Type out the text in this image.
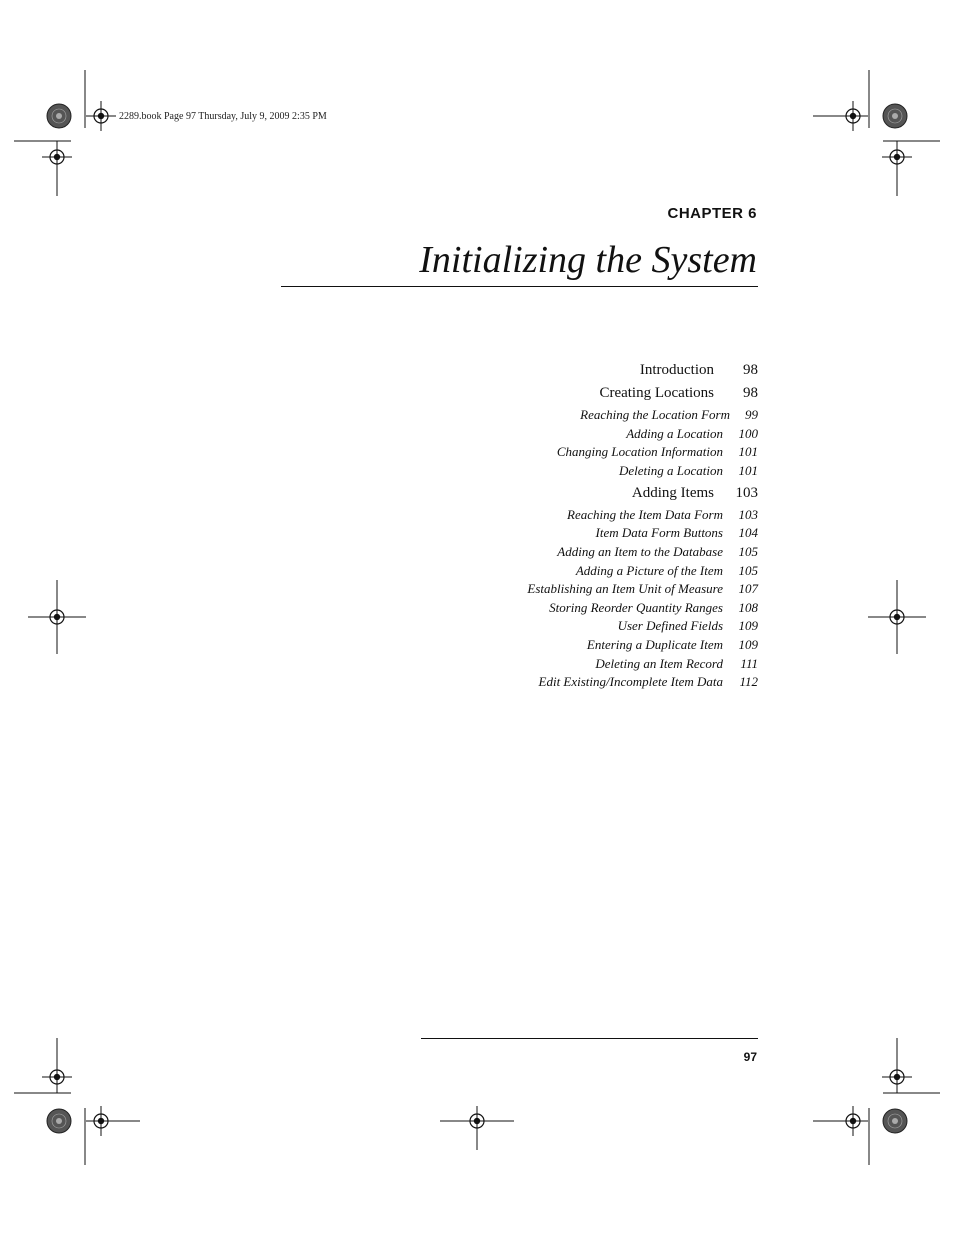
2289.book Page 97 Thursday, July 9, 2009 2:35 PM
CHAPTER 6
Initializing the System
Introduction 98
Creating Locations 98
Reaching the Location Form 99
Adding a Location 100
Changing Location Information 101
Deleting a Location 101
Adding Items 103
Reaching the Item Data Form 103
Item Data Form Buttons 104
Adding an Item to the Database 105
Adding a Picture of the Item 105
Establishing an Item Unit of Measure 107
Storing Reorder Quantity Ranges 108
User Defined Fields 109
Entering a Duplicate Item 109
Deleting an Item Record 111
Edit Existing/Incomplete Item Data 112
97
